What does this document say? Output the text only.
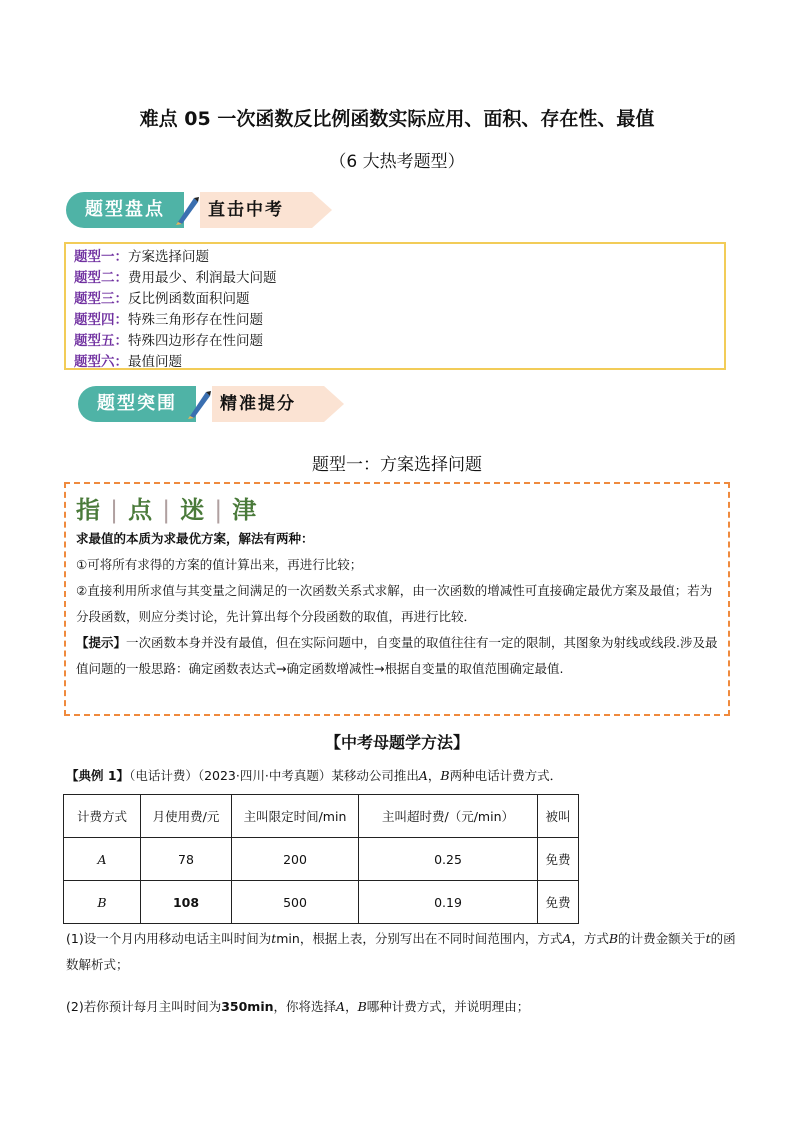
难点 05 一次函数反比例函数实际应用、面积、存在性、最值
（6 大热考题型）
题型盘点	直击中考
题型一：方案选择问题
题型二：费用最少、利润最大问题
题型三：反比例函数面积问题
题型四：特殊三角形存在性问题
题型五：特殊四边形存在性问题
题型六：最值问题
题型突围	精准提分
题型一：方案选择问题
指 | 点 | 迷 | 津

求最值的本质为求最优方案，解法有两种：

①可将所有求得的方案的值计算出来，再进行比较；

②直接利用所求值与其变量之间满足的一次函数关系式求解，由一次函数的增减性可直接确定最优方案及最值；若为分段函数，则应分类讨论，先计算出每个分段函数的取值，再进行比较．

【提示】一次函数本身并没有最值，但在实际问题中，自变量的取值往往有一定的限制，其图象为射线或线段.涉及最值问题的一般思路：确定函数表达式→确定函数增减性→根据自变量的取值范围确定最值.

【中考母题学方法】
【典例 1】（电话计费）（2023·四川·中考真题）某移动公司推出A，B两种电话计费方式．
计费方式	月使用费/元	主叫限定时间/min	主叫超时费/（元/min）	被叫
A	78	200	0.25	免费
B	108	500	0.19	免费
(1)设一个月内用移动电话主叫时间为tmin，根据上表，分别写出在不同时间范围内，方式A，方式B的计费金额关于t的函数解析式；
(2)若你预计每月主叫时间为350min，你将选择A，B哪种计费方式，并说明理由；
